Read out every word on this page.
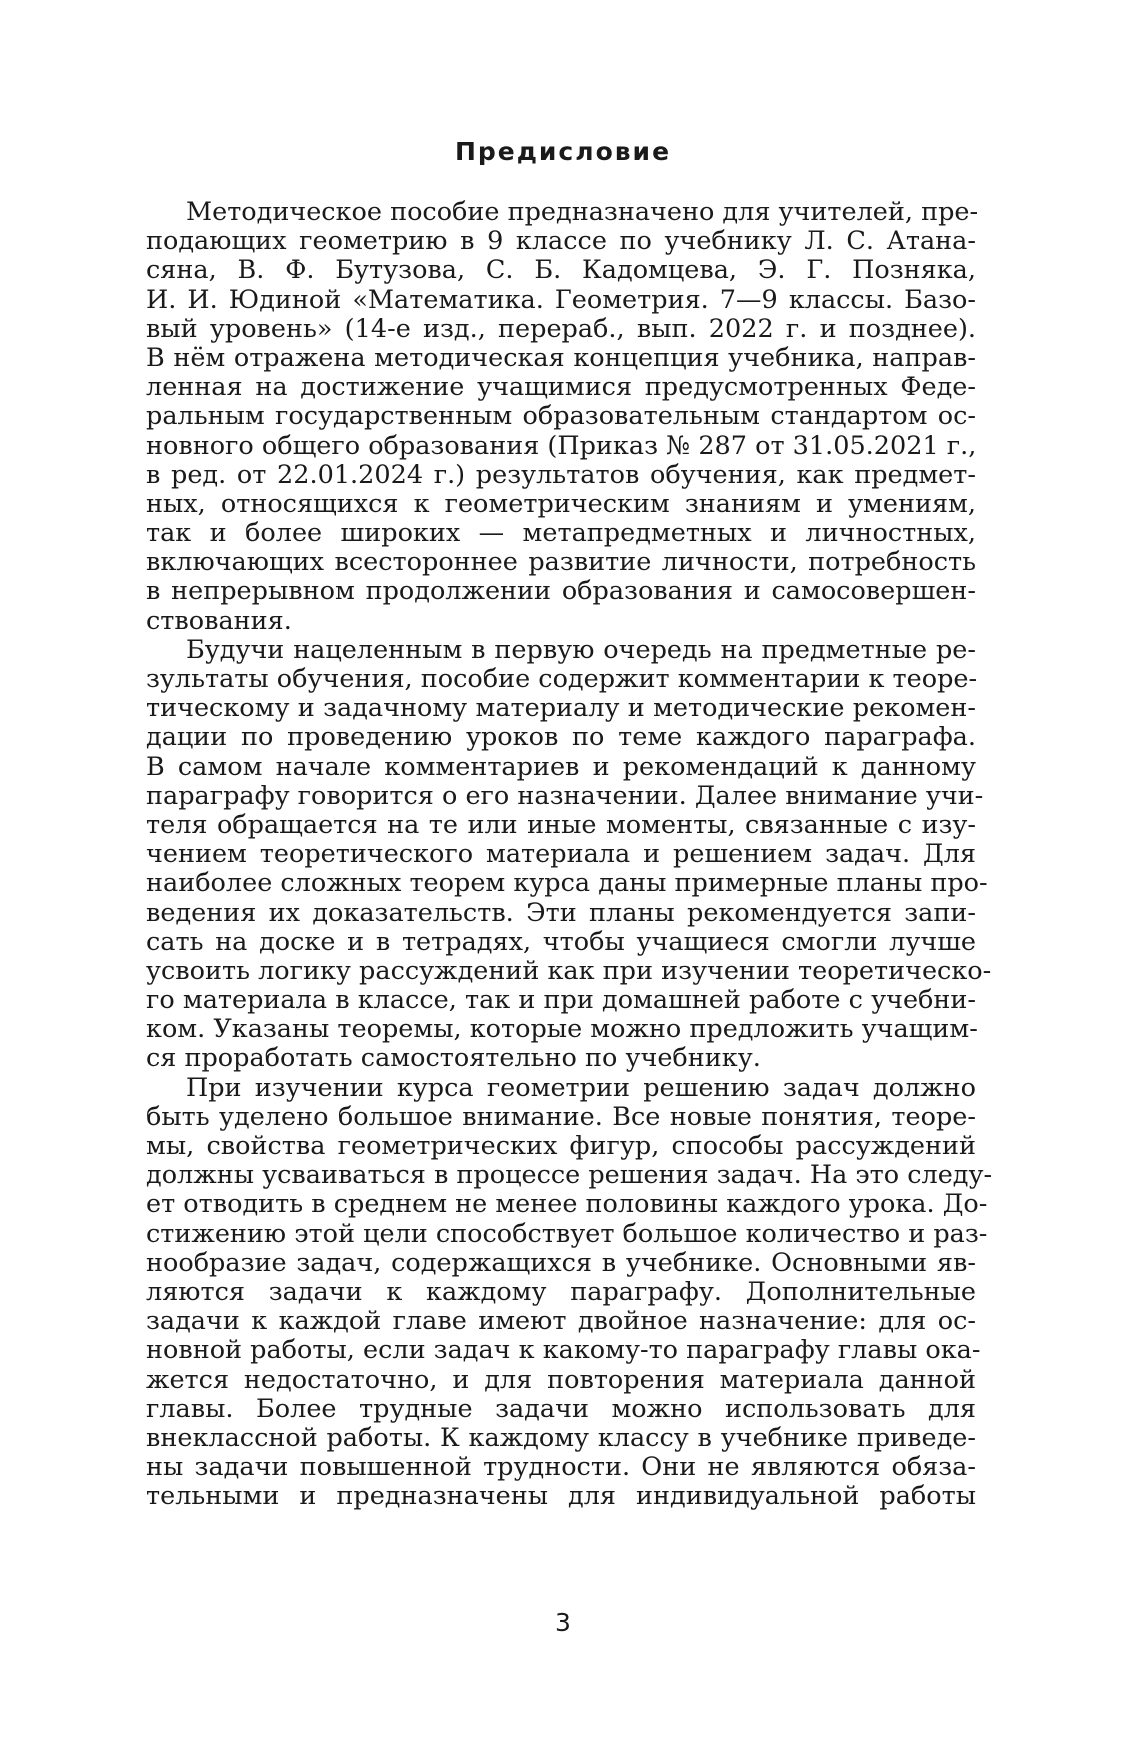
Предисловие
Методическое пособие предназначено для учителей, пре-
подающих геометрию в 9 классе по учебнику Л. С. Атана-
сяна, В. Ф. Бутузова, С. Б. Кадомцева, Э. Г. Позняка,
И. И. Юдиной «Математика. Геометрия. 7—9 классы. Базо-
вый уровень» (14-е изд., перераб., вып. 2022 г. и позднее).
В нём отражена методическая концепция учебника, направ-
ленная на достижение учащимися предусмотренных Феде-
ральным государственным образовательным стандартом ос-
новного общего образования (Приказ № 287 от 31.05.2021 г.,
в ред. от 22.01.2024 г.) результатов обучения, как предмет-
ных, относящихся к геометрическим знаниям и умениям,
так и более широких — метапредметных и личностных,
включающих всестороннее развитие личности, потребность
в непрерывном продолжении образования и самосовершен-
ствования.
Будучи нацеленным в первую очередь на предметные ре-
зультаты обучения, пособие содержит комментарии к теоре-
тическому и задачному материалу и методические рекомен-
дации по проведению уроков по теме каждого параграфа.
В самом начале комментариев и рекомендаций к данному
параграфу говорится о его назначении. Далее внимание учи-
теля обращается на те или иные моменты, связанные с изу-
чением теоретического материала и решением задач. Для
наиболее сложных теорем курса даны примерные планы про-
ведения их доказательств. Эти планы рекомендуется запи-
сать на доске и в тетрадях, чтобы учащиеся смогли лучше
усвоить логику рассуждений как при изучении теоретическо-
го материала в классе, так и при домашней работе с учебни-
ком. Указаны теоремы, которые можно предложить учащим-
ся проработать самостоятельно по учебнику.
При изучении курса геометрии решению задач должно
быть уделено большое внимание. Все новые понятия, теоре-
мы, свойства геометрических фигур, способы рассуждений
должны усваиваться в процессе решения задач. На это следу-
ет отводить в среднем не менее половины каждого урока. До-
стижению этой цели способствует большое количество и раз-
нообразие задач, содержащихся в учебнике. Основными яв-
ляются задачи к каждому параграфу. Дополнительные
задачи к каждой главе имеют двойное назначение: для ос-
новной работы, если задач к какому-то параграфу главы ока-
жется недостаточно, и для повторения материала данной
главы. Более трудные задачи можно использовать для
внеклассной работы. К каждому классу в учебнике приведе-
ны задачи повышенной трудности. Они не являются обяза-
тельными и предназначены для индивидуальной работы
3
